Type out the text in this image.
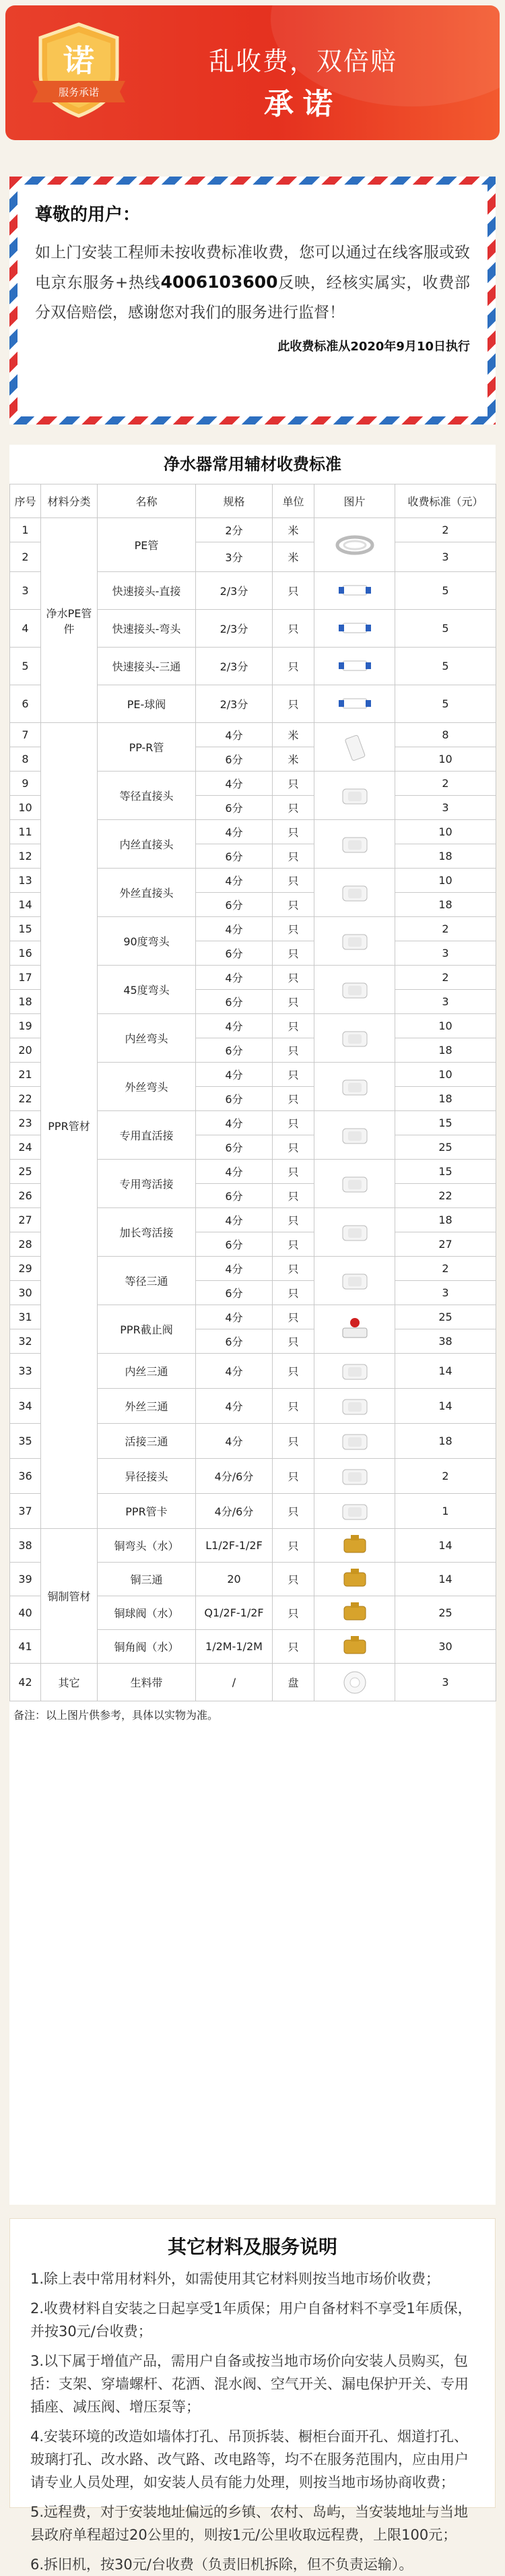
诺
服务承诺
乱收费，双倍赔
承诺
尊敬的用户：
如上门安装工程师未按收费标准收费，您可以通过在线客服或致电京东服务+热线4006103600反映，经核实属实，收费部分双倍赔偿，感谢您对我们的服务进行监督！
此收费标准从2020年9月10日执行
净水器常用辅材收费标准
序号	材料分类	名称	规格	单位	图片	收费标准（元）
1	净水PE管件	PE管	2分	米		2
2			3分	米		3
3		快速接头-直接	2/3分	只		5
4		快速接头-弯头	2/3分	只		5
5		快速接头-三通	2/3分	只		5
6		PE-球阀	2/3分	只		5
7	PPR管材	PP-R管	4分	米		8
8			6分	米		10
9		等径直接头	4分	只		2
10			6分	只		3
11		内丝直接头	4分	只		10
12			6分	只		18
13		外丝直接头	4分	只		10
14			6分	只		18
15		90度弯头	4分	只		2
16			6分	只		3
17		45度弯头	4分	只		2
18			6分	只		3
19		内丝弯头	4分	只		10
20			6分	只		18
21		外丝弯头	4分	只		10
22			6分	只		18
23		专用直活接	4分	只		15
24			6分	只		25
25		专用弯活接	4分	只		15
26			6分	只		22
27		加长弯活接	4分	只		18
28			6分	只		27
29		等径三通	4分	只		2
30			6分	只		3
31		PPR截止阀	4分	只		25
32			6分	只		38
33		内丝三通	4分	只		14
34		外丝三通	4分	只		14
35		活接三通	4分	只		18
36		异径接头	4分/6分	只		2
37		PPR管卡	4分/6分	只		1
38	铜制管材	铜弯头（水）	L1/2F-1/2F	只		14
39		铜三通	20	只		14
40		铜球阀（水）	Q1/2F-1/2F	只		25
41		铜角阀（水）	1/2M-1/2M	只		30
42	其它	生料带	/	盘		3
备注：以上图片供参考，具体以实物为准。
其它材料及服务说明
1.除上表中常用材料外，如需使用其它材料则按当地市场价收费；
2.收费材料自安装之日起享受1年质保；用户自备材料不享受1年质保，并按30元/台收费；
3.以下属于增值产品，需用户自备或按当地市场价向安装人员购买，包括：支架、穿墙螺杆、花洒、混水阀、空气开关、漏电保护开关、专用插座、减压阀、增压泵等；
4.安装环境的改造如墙体打孔、吊顶拆装、橱柜台面开孔、烟道打孔、玻璃打孔、改水路、改气路、改电路等，均不在服务范围内，应由用户请专业人员处理，如安装人员有能力处理，则按当地市场协商收费；
5.远程费，对于安装地址偏远的乡镇、农村、岛屿，当安装地址与当地县政府单程超过20公里的，则按1元/公里收取远程费，上限100元；
6.拆旧机，按30元/台收费（负责旧机拆除，但不负责运输）。
